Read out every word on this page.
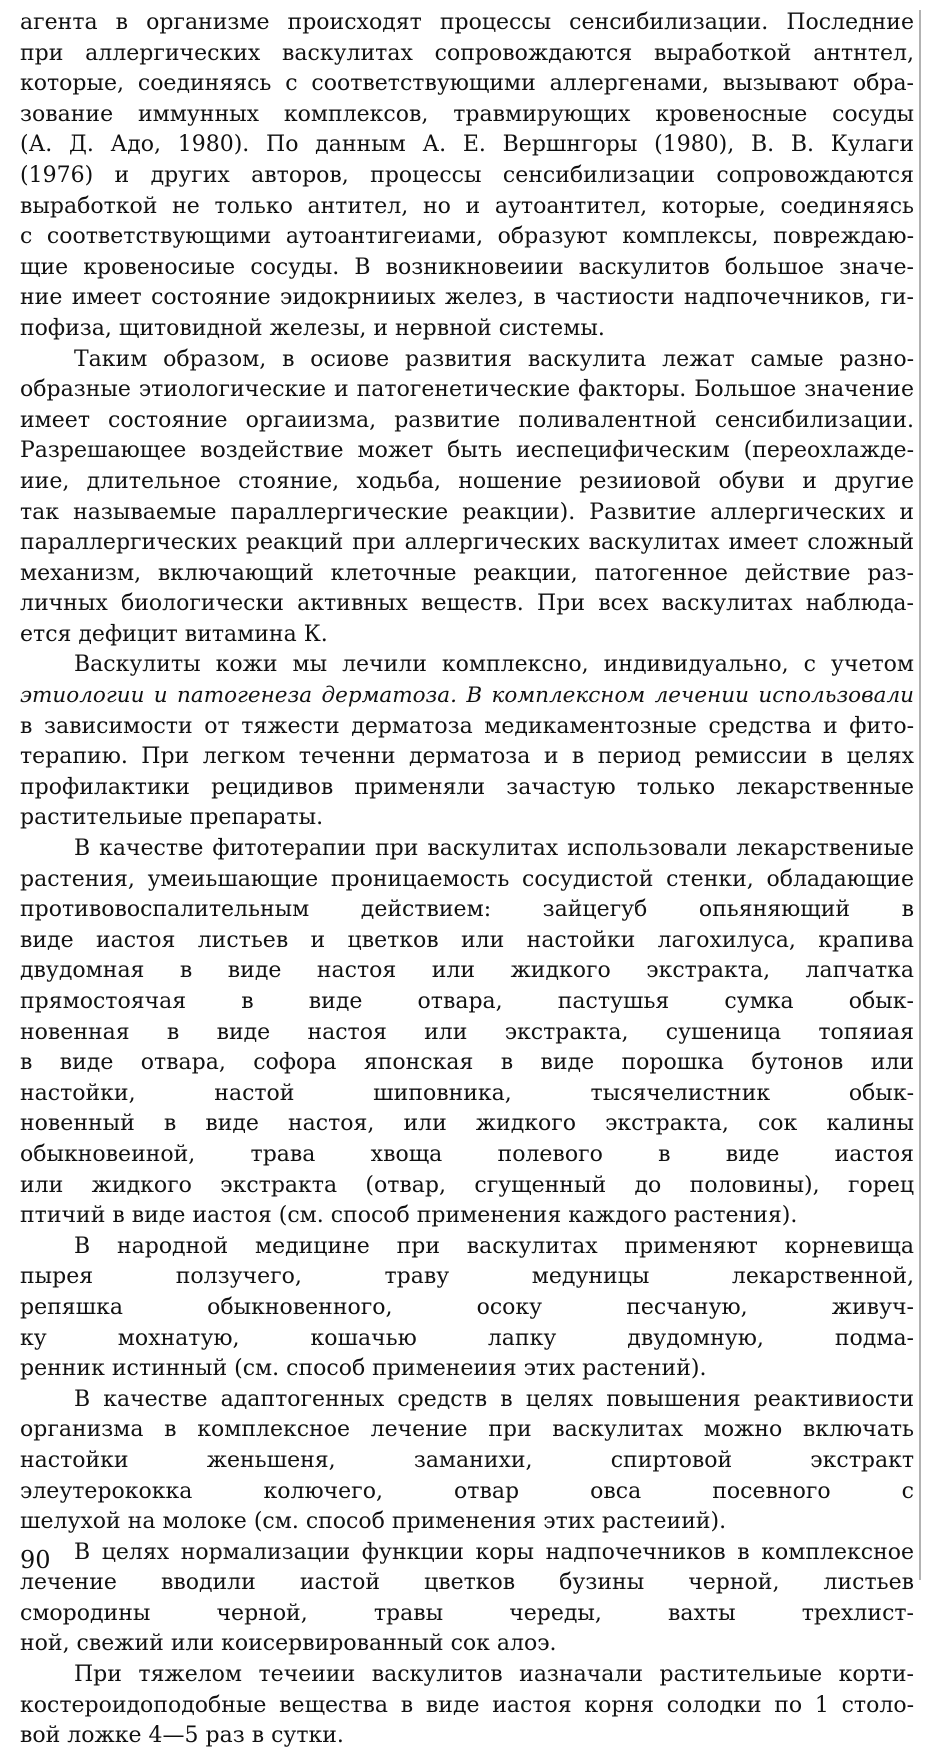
агента в организме происходят процессы сенсибилизации. Последние
при аллергических васкулитах сопровождаются выработкой антнтел,
которые, соединяясь с соответствующими аллергенами, вызывают обра-
зование иммунных комплексов, травмирующих кровеносные сосуды
(А. Д. Адо, 1980). По данным А. Е. Вершнгоры (1980), В. В. Кулаги
(1976) и других авторов, процессы сенсибилизации сопровождаются
выработкой не только антител, но и аутоантител, которые, соединяясь
с соответствующими аутоантигеиами, образуют комплексы, повреждаю-
щие кровеносиые сосуды. В возникновеиии васкулитов большое значе-
ние имеет состояние эидокрнииых желез, в частиости надпочечников, ги-
пофиза, щитовидной железы, и нервной системы.
Таким образом, в осиове развития васкулита лежат самые разно-
образные этиологические и патогенетические факторы. Большое значение
имеет состояние оргаиизма, развитие поливалентной сенсибилизации.
Разрешающее воздействие может быть иеспецифическим (переохлажде-
иие, длительное стояние, ходьба, ношение резииовой обуви и другие
так называемые параллергические реакции). Развитие аллергических и
параллергических реакций при аллергических васкулитах имеет сложный
механизм, включающий клеточные реакции, патогенное действие раз-
личных биологически активных веществ. При всех васкулитах наблюда-
ется дефицит витамина К.
Васкулиты кожи мы лечили комплексно, индивидуально, с учетом
этиологии и патогенеза дерматоза. В комплексном лечении использовали
в зависимости от тяжести дерматоза медикаментозные средства и фито-
терапию. При легком теченни дерматоза и в период ремиссии в целях
профилактики рецидивов применяли зачастую только лекарственные
растительиые препараты.
В качестве фитотерапии при васкулитах использовали лекарствениые
растения, умеиьшающие проницаемость сосудистой стенки, обладающие
противовоспалительным действием: зайцегуб опьяняющий в
виде иастоя листьев и цветков или настойки лагохилуса, крапива
двудомная в виде настоя или жидкого экстракта, лапчатка
прямостоячая в виде отвара, пастушья сумка обык-
новенная в виде настоя или экстракта, сушеница топяиая
в виде отвара, софора японская в виде порошка бутонов или
настойки, настой шиповника, тысячелистник обык-
новенный в виде настоя, или жидкого экстракта, сок калины
обыкновеиной, трава хвоща полевого в виде иастоя
или жидкого экстракта (отвар, сгущенный до половины), горец
птичий в виде иастоя (см. способ применения каждого растения).
В народной медицине при васкулитах применяют корневища
пырея ползучего, траву медуницы лекарственной,
репяшка обыкновенного, осоку песчаную, живуч-
ку мохнатую, кошачью лапку двудомную, подма-
ренник истинный (см. способ применеиия этих растений).
В качестве адаптогенных средств в целях повышения реактивиости
организма в комплексное лечение при васкулитах можно включать
настойки женьшеня, заманихи, спиртовой экстракт
элеутерококка колючего, отвар овса посевного с
шелухой на молоке (см. способ применения этих растеиий).
В целях нормализации функции коры надпочечников в комплексное
лечение вводили иастой цветков бузины черной, листьев
смородины черной, травы череды, вахты трехлист-
ной, свежий или коисервированный сок алоэ.
При тяжелом течеиии васкулитов иазначали растительиые корти-
костероидоподобные вещества в виде иастоя корня солодки по 1 столо-
вой ложке 4—5 раз в сутки.
90
